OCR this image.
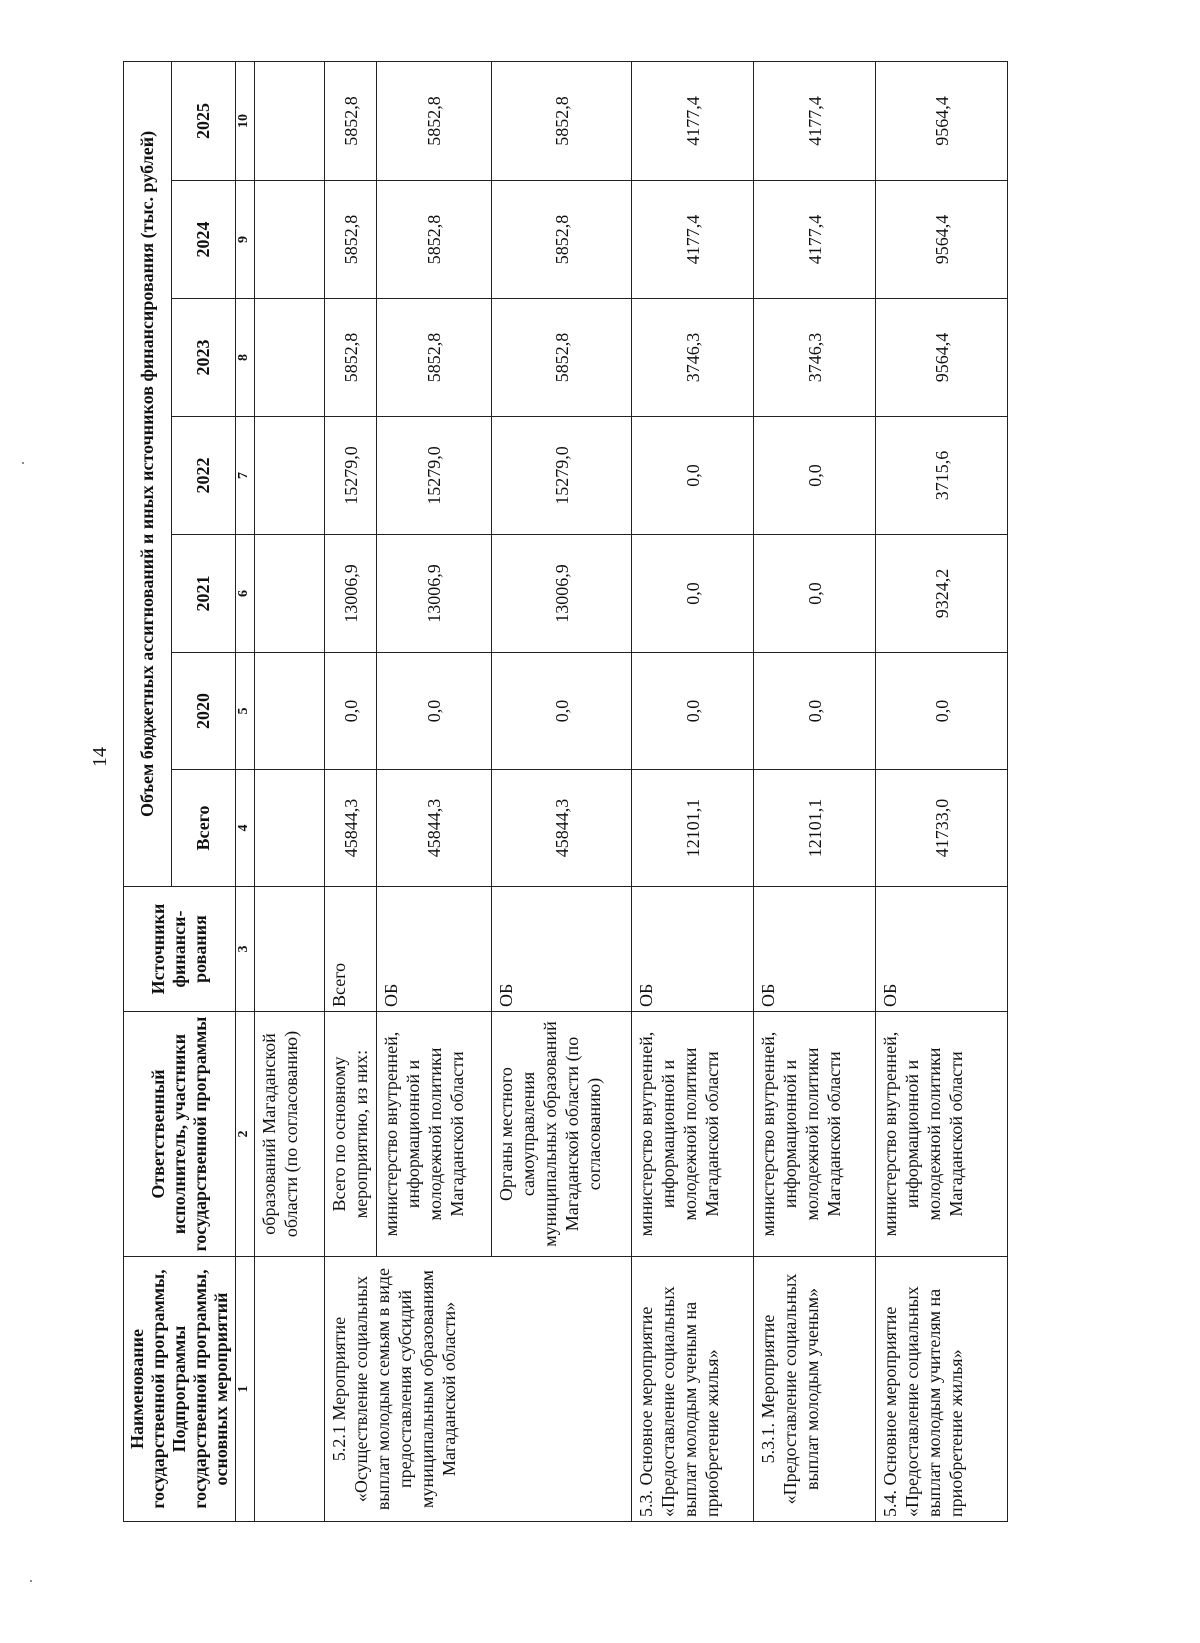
14
Наименование государственной программы, Подпрограммы государственной программы, основных мероприятий	Ответственный исполнитель, участники государственной программы	Источники финанси-рования	Объем бюджетных ассигнований и иных источников финансирования (тыс. рублей)						
			Всего	2020	2021	2022	2023	2024	2025
1	2	3	4	5	6	7	8	9	10
	образований Магаданской области (по согласованию)								
5.2.1 Мероприятие «Осуществление социальных выплат молодым семьям в виде предоставления субсидий муниципальным образованиям Магаданской области»	Всего по основному мероприятию, из них:	Всего	45844,3	0,0	13006,9	15279,0	5852,8	5852,8	5852,8
	министерство внутренней, информационной и молодежной политики Магаданской области	ОБ	45844,3	0,0	13006,9	15279,0	5852,8	5852,8	5852,8
	Органы местного самоуправления муниципальных образований Магаданской области (по согласованию)	ОБ	45844,3	0,0	13006,9	15279,0	5852,8	5852,8	5852,8
5.3. Основное мероприятие «Предоставление социальных выплат молодым ученым на приобретение жилья»	министерство внутренней, информационной и молодежной политики Магаданской области	ОБ	12101,1	0,0	0,0	0,0	3746,3	4177,4	4177,4
5.3.1. Мероприятие «Предоставление социальных выплат молодым ученым»	министерство внутренней, информационной и молодежной политики Магаданской области	ОБ	12101,1	0,0	0,0	0,0	3746,3	4177,4	4177,4
5.4. Основное мероприятие «Предоставление социальных выплат молодым учителям на приобретение жилья»	министерство внутренней, информационной и молодежной политики Магаданской области	ОБ	41733,0	0,0	9324,2	3715,6	9564,4	9564,4	9564,4
